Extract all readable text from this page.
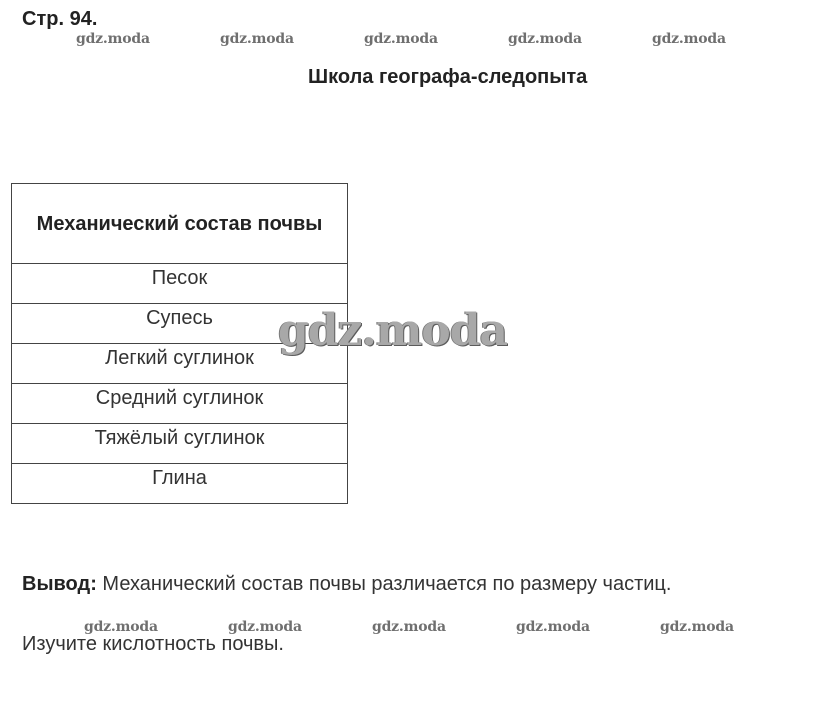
Стр. 94.
gdz.moda	gdz.moda	gdz.moda	gdz.moda	gdz.moda
Школа географа-следопыта
Механический состав почвы
Песок
Супесь
Легкий суглинок
Средний суглинок
Тяжёлый суглинок
Глина
gdz.moda
Вывод: Механический состав почвы различается по размеру частиц.
gdz.moda	gdz.moda	gdz.moda	gdz.moda	gdz.moda
Изучите кислотность почвы.
